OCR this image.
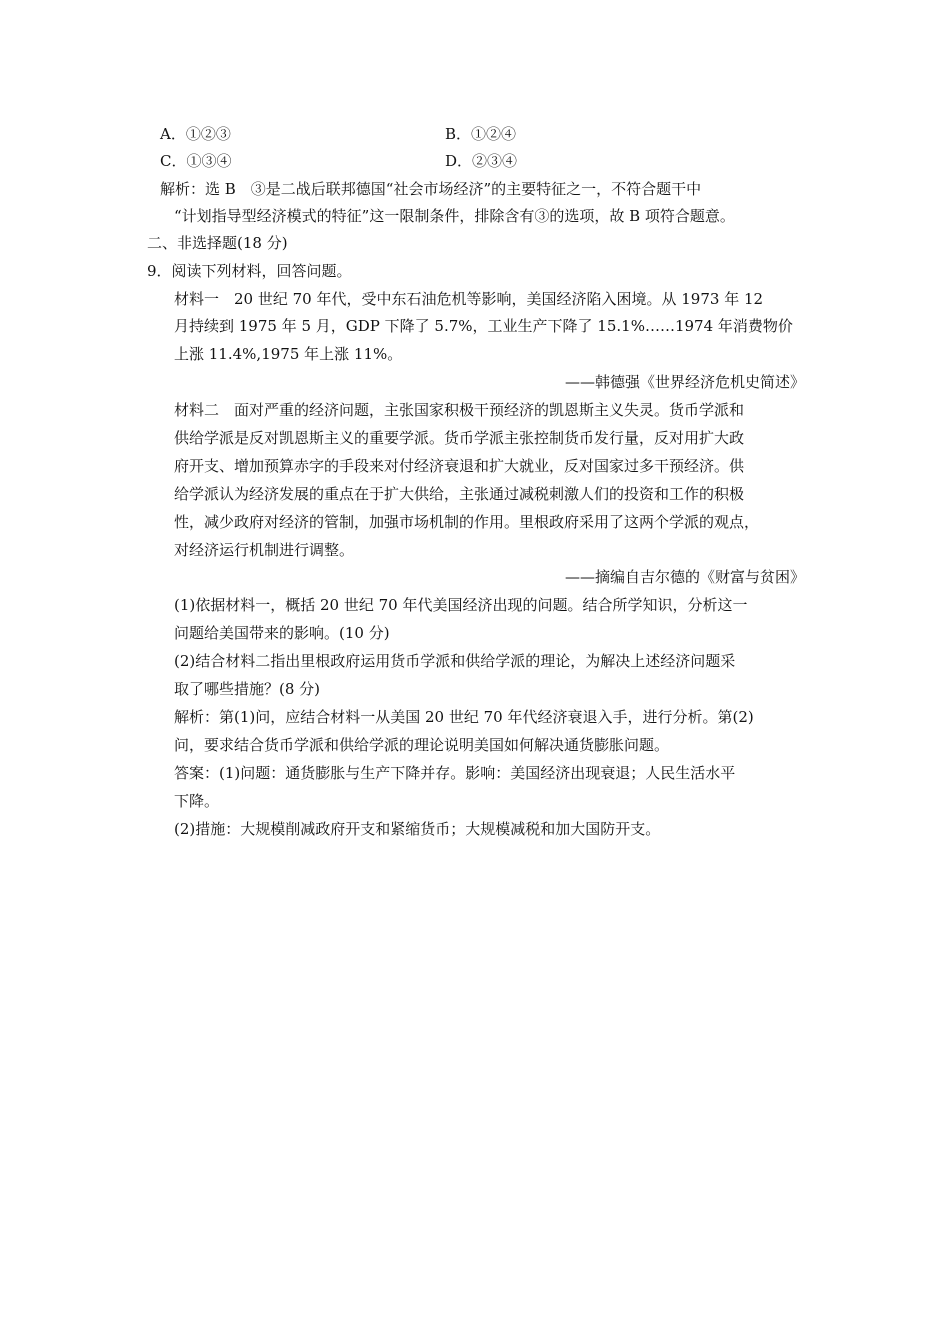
A．①②③	B．①②④
C．①③④	D．②③④
解析：选 B　③是二战后联邦德国“社会市场经济”的主要特征之一，不符合题干中
“计划指导型经济模式的特征”这一限制条件，排除含有③的选项，故 B 项符合题意。
二、非选择题(18 分)
9．阅读下列材料，回答问题。
材料一　20 世纪 70 年代，受中东石油危机等影响，美国经济陷入困境。从 1973 年 12
月持续到 1975 年 5 月，GDP 下降了 5.7%，工业生产下降了 15.1%……1974 年消费物价
上涨 11.4%,1975 年上涨 11%。
——韩德强《世界经济危机史简述》
材料二　面对严重的经济问题，主张国家积极干预经济的凯恩斯主义失灵。货币学派和
供给学派是反对凯恩斯主义的重要学派。货币学派主张控制货币发行量，反对用扩大政
府开支、增加预算赤字的手段来对付经济衰退和扩大就业，反对国家过多干预经济。供
给学派认为经济发展的重点在于扩大供给，主张通过减税刺激人们的投资和工作的积极
性，减少政府对经济的管制，加强市场机制的作用。里根政府采用了这两个学派的观点，
对经济运行机制进行调整。
——摘编自吉尔德的《财富与贫困》
(1)依据材料一，概括 20 世纪 70 年代美国经济出现的问题。结合所学知识，分析这一
问题给美国带来的影响。(10 分)
(2)结合材料二指出里根政府运用货币学派和供给学派的理论，为解决上述经济问题采
取了哪些措施？(8 分)
解析：第(1)问，应结合材料一从美国 20 世纪 70 年代经济衰退入手，进行分析。第(2)
问，要求结合货币学派和供给学派的理论说明美国如何解决通货膨胀问题。
答案：(1)问题：通货膨胀与生产下降并存。影响：美国经济出现衰退；人民生活水平
下降。
(2)措施：大规模削减政府开支和紧缩货币；大规模减税和加大国防开支。
